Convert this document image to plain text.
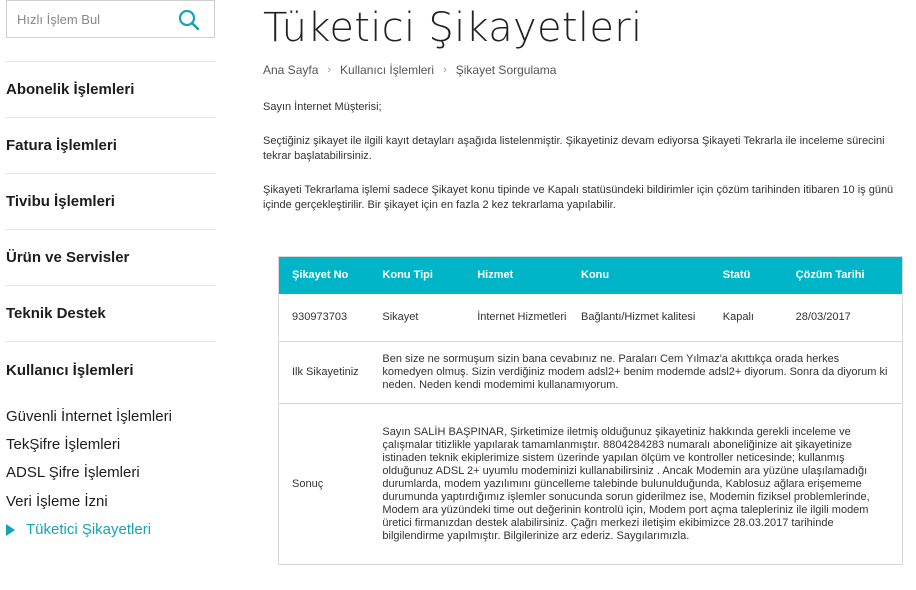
Hızlı İşlem Bul
Abonelik İşlemleri
Fatura İşlemleri
Tivibu İşlemleri
Ürün ve Servisler
Teknik Destek
Kullanıcı İşlemleri
Güvenli İnternet İşlemleri
TekŞifre İşlemleri
ADSL Şifre İşlemleri
Veri İşleme İzni
Tüketici Şikayetleri
Tüketici Şikayetleri
Ana Sayfa › Kullanıcı İşlemleri › Şikayet Sorgulama

Sayın İnternet Müşterisi;

Seçtiğiniz şikayet ile ilgili kayıt detayları aşağıda listelenmiştir. Şikayetiniz devam ediyorsa Şikayeti Tekrarla ile inceleme sürecini tekrar başlatabilirsiniz.

Şikayeti Tekrarlama işlemi sadece Şikayet konu tipinde ve Kapalı statüsündeki bildirimler için çözüm tarihinden itibaren 10 iş günü içinde gerçekleştirilir. Bir şikayet için en fazla 2 kez tekrarlama yapılabilir.

Şikayet No	Konu Tipi	Hizmet	Konu	Statü	Çözüm Tarihi
930973703	Sikayet	İnternet Hizmetleri	Bağlantı/Hizmet kalitesi	Kapalı	28/03/2017
Ilk Sikayetiniz	Ben size ne sormuşum sizin bana cevabınız ne. Paraları Cem Yılmaz'a akıttıkça orada herkes komedyen olmuş. Sizin verdiğiniz modem adsl2+ benim modemde adsl2+ diyorum. Sonra da diyorum ki neden. Neden kendi modemimi kullanamıyorum.				
Sonuç	Sayın SALİH BAŞPINAR, Şirketimize iletmiş olduğunuz şikayetiniz hakkında gerekli inceleme ve çalışmalar titizlikle yapılarak tamamlanmıştır. 8804284283 numaralı aboneliğinize ait şikayetinize istinaden teknik ekiplerimize sistem üzerinde yapılan ölçüm ve kontroller neticesinde; kullanmış olduğunuz ADSL 2+ uyumlu modeminizi kullanabilirsiniz . Ancak Modemin ara yüzüne ulaşılamadığı durumlarda, modem yazılımını güncelleme talebinde bulunulduğunda, Kablosuz ağlara erişememe durumunda yaptırdığımız işlemler sonucunda sorun giderilmez ise, Modemin fiziksel problemlerinde, Modem ara yüzündeki time out değerinin kontrolü için, Modem port açma talepleriniz ile ilgili modem üretici firmanızdan destek alabilirsiniz. Çağrı merkezi iletişim ekibimizce 28.03.2017 tarihinde bilgilendirme yapılmıştır. Bilgilerinize arz ederiz. Saygılarımızla.				
